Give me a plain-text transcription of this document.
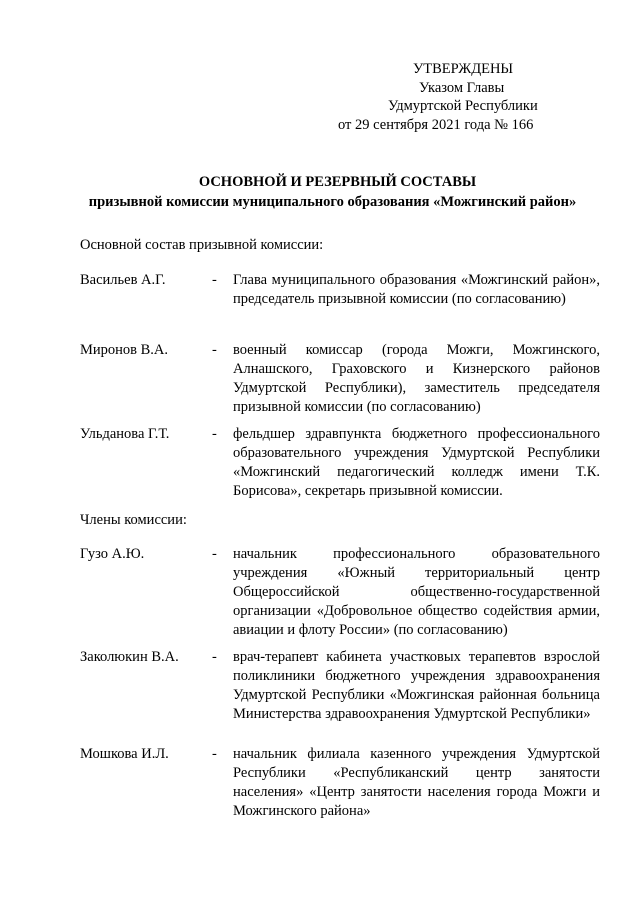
УТВЕРЖДЕНЫ
Указом Главы
Удмуртской Республики
от 29 сентября 2021 года № 166
ОСНОВНОЙ И РЕЗЕРВНЫЙ СОСТАВЫ
призывной комиссии муниципального образования «Можгинский район»
Основной состав призывной комиссии:
Васильев А.Г.	- Глава муниципального образования «Можгинский район», председатель призывной комиссии (по согласованию)
Миронов В.А.	- военный комиссар (города Можги, Можгинского, Алнашского, Граховского и Кизнерского районов Удмуртской Республики), заместитель председателя призывной комиссии (по согласованию)
Ульданова Г.Т.	- фельдшер здравпункта бюджетного профессионального образовательного учреждения Удмуртской Республики «Можгинский педагогический колледж имени Т.К. Борисова», секретарь призывной комиссии.
Члены комиссии:
Гузо А.Ю.	- начальник профессионального образовательного учреждения «Южный территориальный центр Общероссийской общественно-государственной организации «Добровольное общество содействия армии, авиации и флоту России» (по согласованию)
Заколюкин В.А. - врач-терапевт кабинета участковых терапевтов взрослой поликлиники бюджетного учреждения здравоохранения Удмуртской Республики «Можгинская районная больница Министерства здравоохранения Удмуртской Республики»
Мошкова И.Л.	- начальник филиала казенного учреждения Удмуртской Республики «Республиканский центр занятости населения» «Центр занятости населения города Можги и Можгинского района»
